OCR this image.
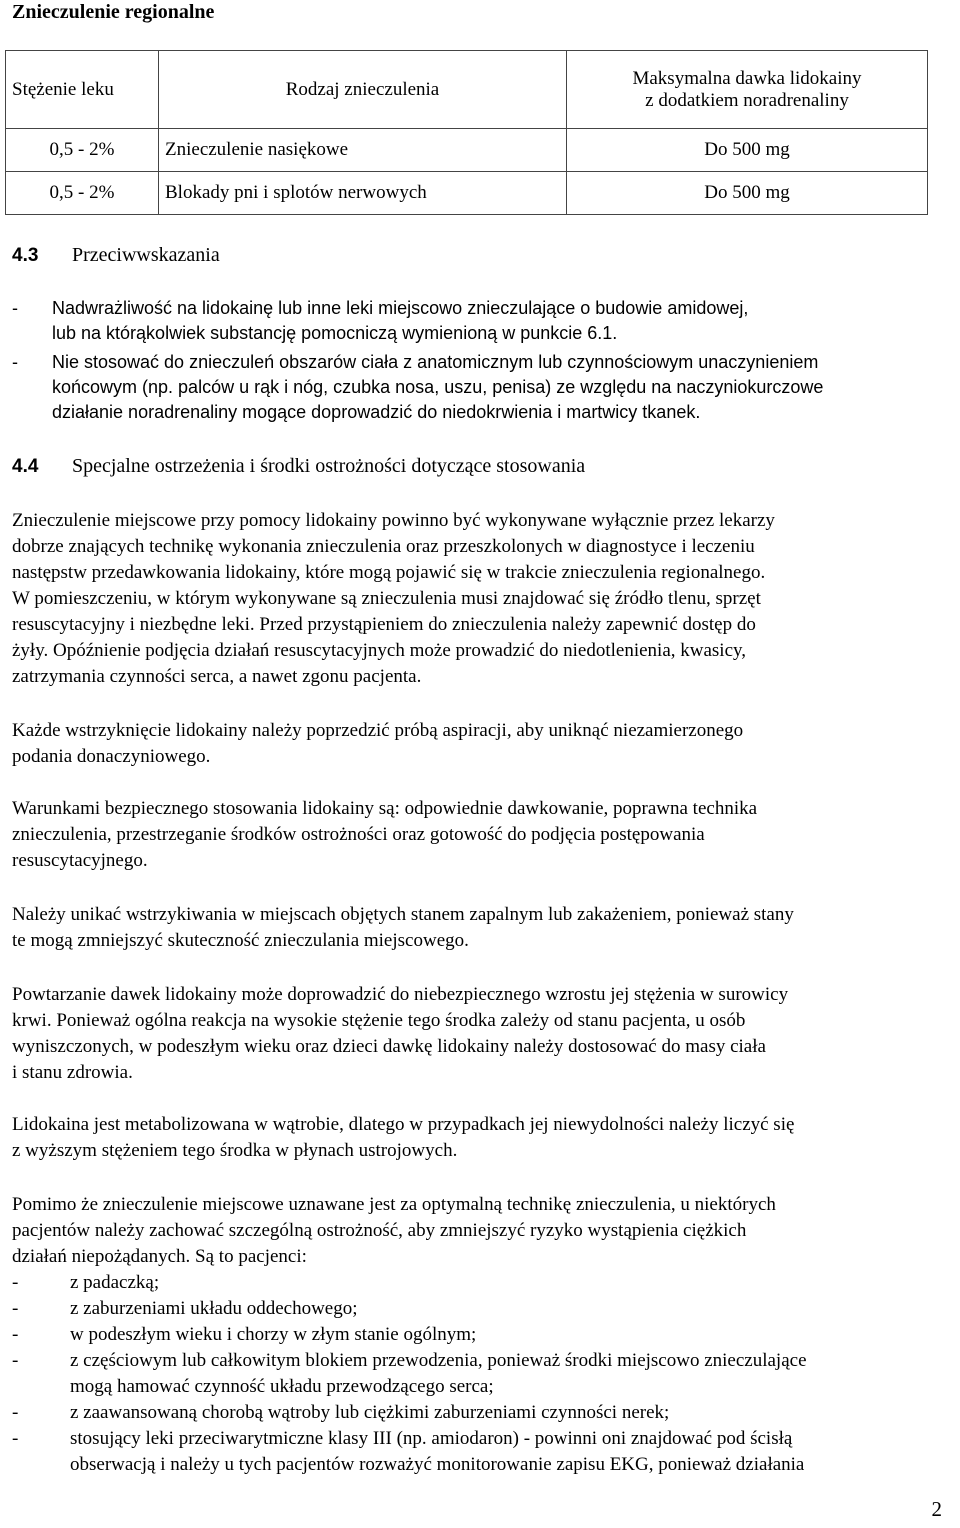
Znieczulenie regionalne
Stężenie leku	Rodzaj znieczulenia	Maksymalna dawka lidokainy
z dodatkiem noradrenaliny
0,5 - 2%	Znieczulenie nasiękowe	Do 500 mg
0,5 - 2%	Blokady pni i splotów nerwowych	Do 500 mg
4.3 Przeciwwskazania
- Nadwrażliwość na lidokainę lub inne leki miejscowo znieczulające o budowie amidowej,
lub na którąkolwiek substancję pomocniczą wymienioną w punkcie 6.1.
- Nie stosować do znieczuleń obszarów ciała z anatomicznym lub czynnościowym unaczynieniem
końcowym (np. palców u rąk i nóg, czubka nosa, uszu, penisa) ze względu na naczyniokurczowe
działanie noradrenaliny mogące doprowadzić do niedokrwienia i martwicy tkanek.
4.4 Specjalne ostrzeżenia i środki ostrożności dotyczące stosowania
Znieczulenie miejscowe przy pomocy lidokainy powinno być wykonywane wyłącznie przez lekarzy
dobrze znających technikę wykonania znieczulenia oraz przeszkolonych w diagnostyce i leczeniu
następstw przedawkowania lidokainy, które mogą pojawić się w trakcie znieczulenia regionalnego.
W pomieszczeniu, w którym wykonywane są znieczulenia musi znajdować się źródło tlenu, sprzęt
resuscytacyjny i niezbędne leki. Przed przystąpieniem do znieczulenia należy zapewnić dostęp do
żyły. Opóźnienie podjęcia działań resuscytacyjnych może prowadzić do niedotlenienia, kwasicy,
zatrzymania czynności serca, a nawet zgonu pacjenta.
Każde wstrzyknięcie lidokainy należy poprzedzić próbą aspiracji, aby uniknąć niezamierzonego
podania donaczyniowego.
Warunkami bezpiecznego stosowania lidokainy są: odpowiednie dawkowanie, poprawna technika
znieczulenia, przestrzeganie środków ostrożności oraz gotowość do podjęcia postępowania
resuscytacyjnego.
Należy unikać wstrzykiwania w miejscach objętych stanem zapalnym lub zakażeniem, ponieważ stany
te mogą zmniejszyć skuteczność znieczulania miejscowego.
Powtarzanie dawek lidokainy może doprowadzić do niebezpiecznego wzrostu jej stężenia w surowicy
krwi. Ponieważ ogólna reakcja na wysokie stężenie tego środka zależy od stanu pacjenta, u osób
wyniszczonych, w podeszłym wieku oraz dzieci dawkę lidokainy należy dostosować do masy ciała
i stanu zdrowia.
Lidokaina jest metabolizowana w wątrobie, dlatego w przypadkach jej niewydolności należy liczyć się
z wyższym stężeniem tego środka w płynach ustrojowych.
Pomimo że znieczulenie miejscowe uznawane jest za optymalną technikę znieczulenia, u niektórych
pacjentów należy zachować szczególną ostrożność, aby zmniejszyć ryzyko wystąpienia ciężkich
działań niepożądanych. Są to pacjenci:
-	z padaczką;
-	z zaburzeniami układu oddechowego;
-	w podeszłym wieku i chorzy w złym stanie ogólnym;
-	z częściowym lub całkowitym blokiem przewodzenia, ponieważ środki miejscowo znieczulające
mogą hamować czynność układu przewodzącego serca;
-	z zaawansowaną chorobą wątroby lub ciężkimi zaburzeniami czynności nerek;
-	stosujący leki przeciwarytmiczne klasy III (np. amiodaron) - powinni oni znajdować pod ścisłą
obserwacją i należy u tych pacjentów rozważyć monitorowanie zapisu EKG, ponieważ działania
2
